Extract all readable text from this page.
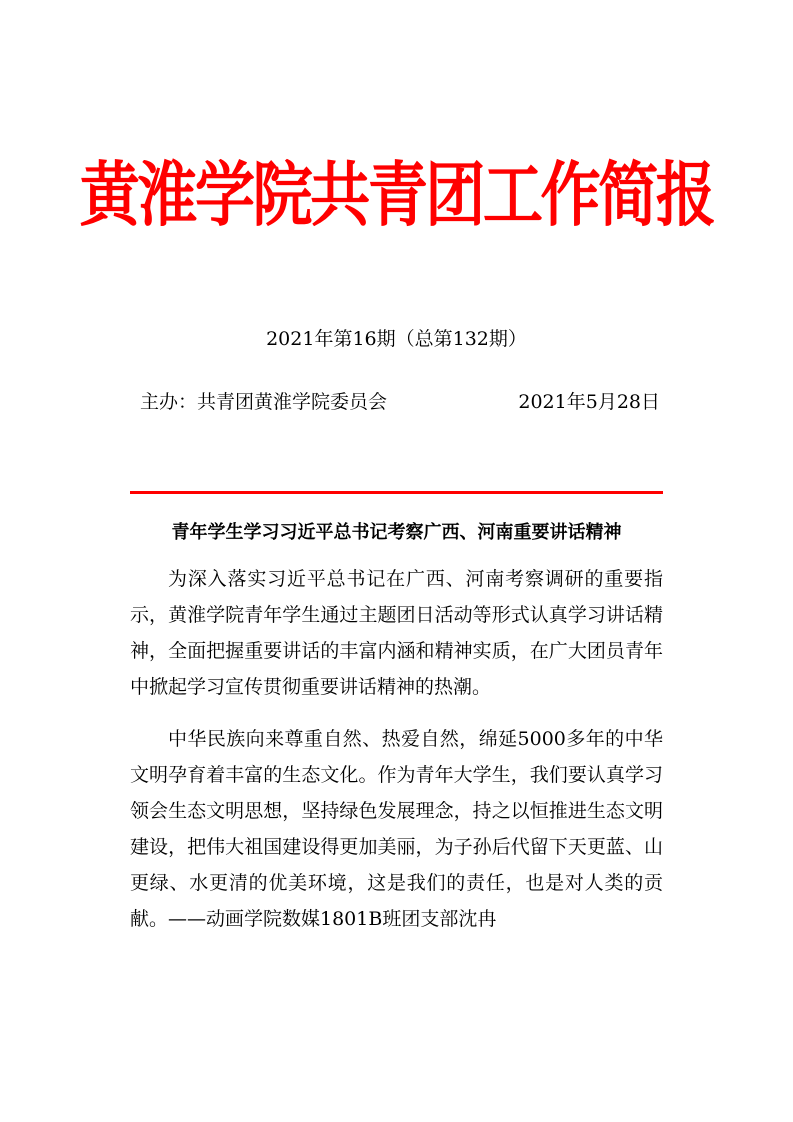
黄淮学院共青团工作简报
2021年第16期（总第132期）
主办：共青团黄淮学院委员会	2021年5月28日
青年学生学习习近平总书记考察广西、河南重要讲话精神

为深入落实习近平总书记在广西、河南考察调研的重要指示，黄淮学院青年学生通过主题团日活动等形式认真学习讲话精神，全面把握重要讲话的丰富内涵和精神实质，在广大团员青年中掀起学习宣传贯彻重要讲话精神的热潮。

中华民族向来尊重自然、热爱自然，绵延5000多年的中华文明孕育着丰富的生态文化。作为青年大学生，我们要认真学习领会生态文明思想，坚持绿色发展理念，持之以恒推进生态文明建设，把伟大祖国建设得更加美丽，为子孙后代留下天更蓝、山更绿、水更清的优美环境，这是我们的责任，也是对人类的贡献。——动画学院数媒1801B班团支部沈冉
